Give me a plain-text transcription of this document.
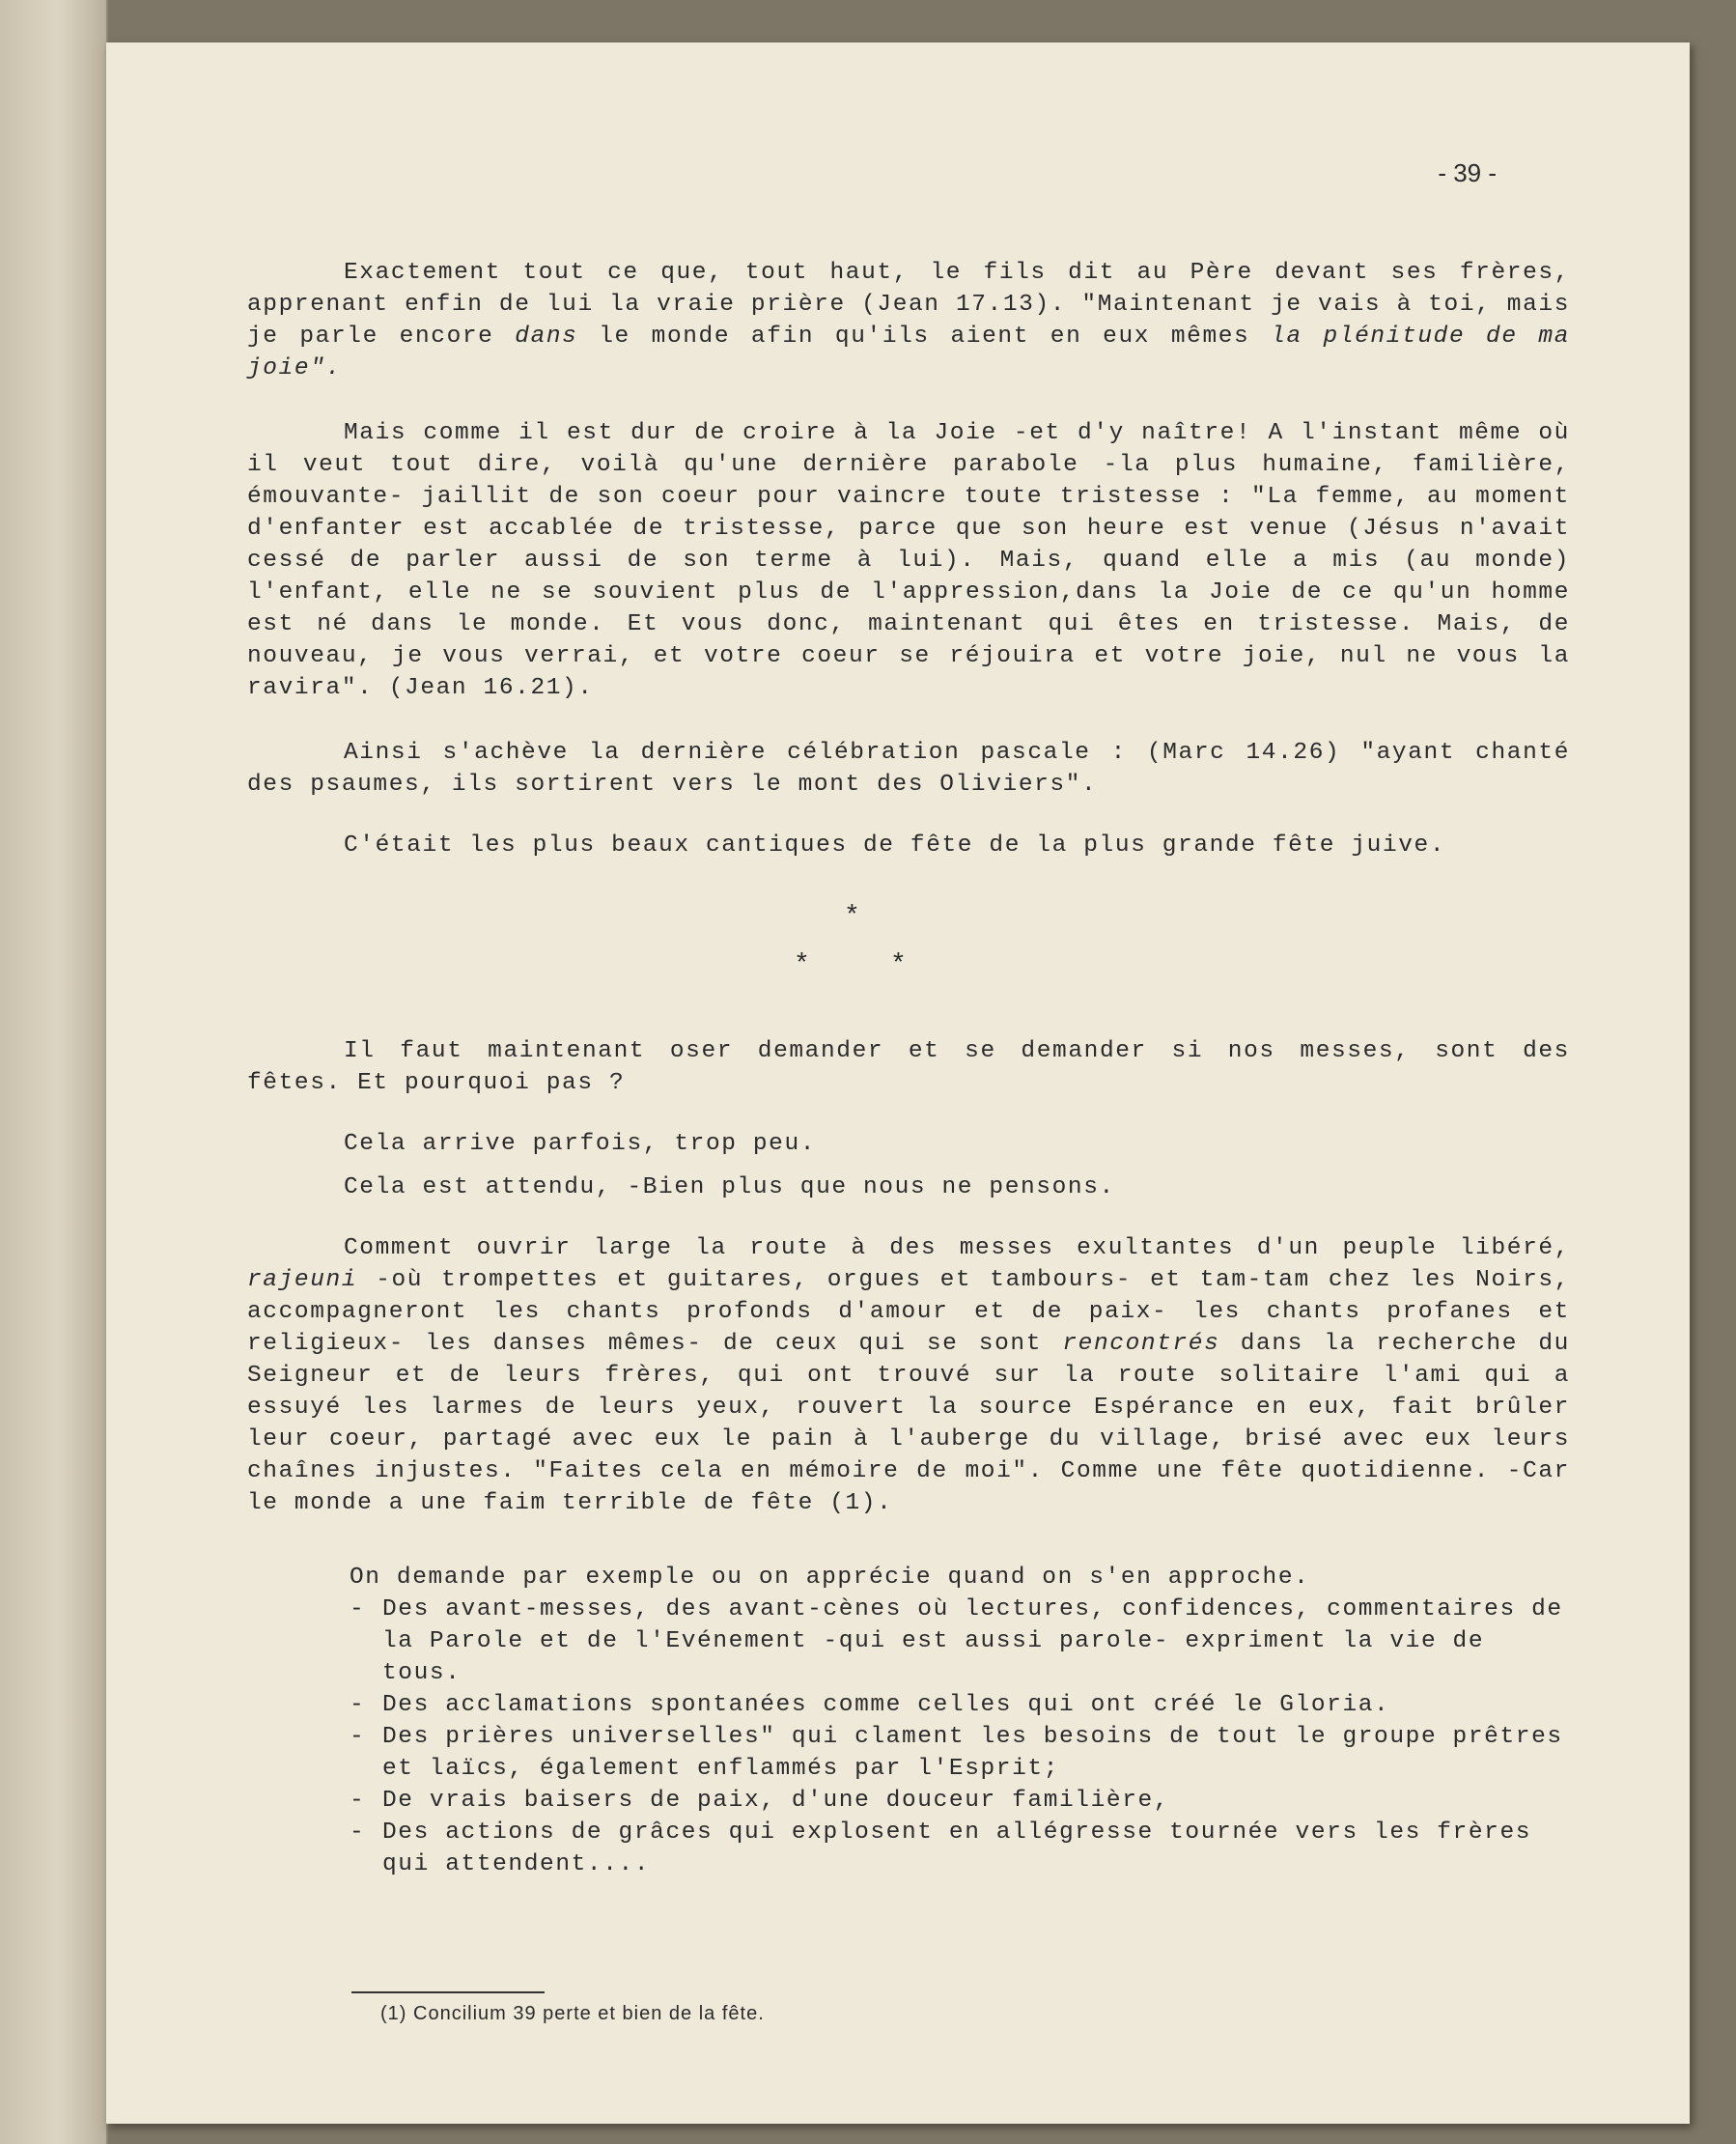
- 39 -

Exactement tout ce que, tout haut, le fils dit au Père devant ses frères, apprenant enfin de lui la vraie prière (Jean 17.13). "Maintenant je vais à toi, mais je parle encore dans le monde afin qu'ils aient en eux mêmes la plénitude de ma joie".

Mais comme il est dur de croire à la Joie -et d'y naître! A l'instant même où il veut tout dire, voilà qu'une dernière parabole -la plus humaine, familière, émouvante- jaillit de son coeur pour vaincre toute tristesse : "La femme, au moment d'enfanter est accablée de tristesse, parce que son heure est venue (Jésus n'avait cessé de parler aussi de son terme à lui). Mais, quand elle a mis (au monde) l'enfant, elle ne se souvient plus de l'appression,dans la Joie de ce qu'un homme est né dans le monde. Et vous donc, maintenant qui êtes en tristesse. Mais, de nouveau, je vous verrai, et votre coeur se réjouira et votre joie, nul ne vous la ravira". (Jean 16.21).

Ainsi s'achève la dernière célébration pascale : (Marc 14.26) "ayant chanté des psaumes, ils sortirent vers le mont des Oliviers".

C'était les plus beaux cantiques de fête de la plus grande fête juive.

*
*	*

Il faut maintenant oser demander et se demander si nos messes, sont des fêtes. Et pourquoi pas ?

Cela arrive parfois, trop peu.

Cela est attendu, -Bien plus que nous ne pensons.

Comment ouvrir large la route à des messes exultantes d'un peuple libéré, rajeuni -où trompettes et guitares, orgues et tambours- et tam-tam chez les Noirs, accompagneront les chants profonds d'amour et de paix- les chants profanes et religieux- les danses mêmes- de ceux qui se sont rencontrés dans la recherche du Seigneur et de leurs frères, qui ont trouvé sur la route solitaire l'ami qui a essuyé les larmes de leurs yeux, rouvert la source Espérance en eux, fait brûler leur coeur, partagé avec eux le pain à l'auberge du village, brisé avec eux leurs chaînes injustes. "Faites cela en mémoire de moi". Comme une fête quotidienne. -Car le monde a une faim terrible de fête (1).

On demande par exemple ou on apprécie quand on s'en approche.

- Des avant-messes, des avant-cènes où lectures, confidences, commentaires de la Parole et de l'Evénement -qui est aussi parole- expriment la vie de tous.
- Des acclamations spontanées comme celles qui ont créé le Gloria.
- Des prières universelles" qui clament les besoins de tout le groupe prêtres et laïcs, également enflammés par l'Esprit;
- De vrais baisers de paix, d'une douceur familière,
- Des actions de grâces qui explosent en allégresse tournée vers les frères qui attendent....

(1) Concilium 39 perte et bien de la fête.
